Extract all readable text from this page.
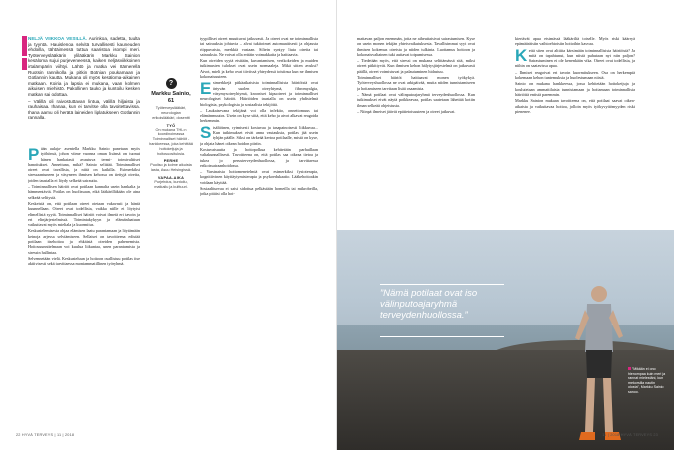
NELJÄ VIIKKOA VESILLÄ. Aurinkoa, sadetta, tuulta ja tyyntä. Hauislenoa selvitä turvallisesti kauneuden ehdoilla, tähtäimessä tuttua saaristoa isompi meri. Työterveyslääkärin ylilääkärin Markku Sainion kesäloma sujui purjeveneessä, kaiken neljäsviikkoinen irtalämpärin viihtyi. Lähtö ja matka vei Itämerellä Ruotsin rannikolla ja pitkin Botnian poukamaan ja Gotlannin kautta. Mukana oli myös kesäloma-aikainen matkaan. Koiria ja lapsia ei mukana, vaan kolmen aikuisen miehistö. Pakollinen tauko ja kuntoilu kesken matkan sai odottaa.

– Välillä oli raivostuttavan lintua, välillä hiljaista ja rauhaisaa. Ihanaa, kun ei tarvitse olla tavoitettavissa. Ihana aamu oli herätä laineiden liplatukseen Gotlannin rannalla.

P ään aulaja- asentella Markku Sainio panetaan myös työhönsä, johon viime vuonna oman lisänsä on tuonut hänen hankaiasti avautuva termi- toimivalttiset hanoitukset. Annettuna, mikä? Sainio selittää. Toiminnalliset oireet ovat tavallisia, ja niitä on kaikilla. Esimerkiksi stressaantuneen ja väsyneen ihmisen kehossa on tiettyjä oireita, joiden taustalla ei löydy selkeää sairautta.

– Toiminnallisen häiriöt ovat potilaan kannalta usein hankalia ja hämmentäviä. Potilas on huolissaan, eikä lääkärilläkään ole aina selkeää selitystä.

Keskeistä on, että potilaan oireet otetaan vakavasti ja häntä kuunnellaan. Oireet ovat todellisia, vaikka niille ei löytyisi elimellistä syytä. Toiminnalliset häiriöt voivat ilmetä eri tavoin ja eri elinjärjestelmissä. Toimintakykyyn ja elämänlaatuun vaikuttavat myös mieliala ja kuormitus.

Keskustelemisesta ohjaa elämisen laatu parantamaan ja löytämään keinoja arjessa selviämiseen. Sellaiset on tavoitteena edistää potilaan itsehoitoa ja ehkäistä oireiden pahenemista. Hoitosuunnitelmaan voi kuulua liikuntaa, unen parantamista ja stressin hallintaa.

Selvennetään vielä. Keskusteluun ja hoitoon osallistuu potilas itse aktiivisesti sekä tarvittaessa moniammatillinen työryhmä.

?
Markku Sainio, 61
Työterveyslääkäri, neurologian erikoislääkäri, dosentti
TYÖ
On mukana THL:n koordinoimassa Toiminnalliset häiriöt -hankkeessa, joka kehittää hoitoketjuja ja hoitosuosituksia.
PERHE
Puoliso ja kolme aikuista lasta, Asuu Helsingissä.
VAPAA-AIKA
Purjehdus, kuntoilu, matkailu ja kulttuuri.

tyypilliset oireet muuttuvat jatkuvasti. Ja oireet ovat ne toiminnallisia tai sairauksia johtuvia – alvat tukitoimet automaattisesti ja ohjausta riippuvaista, merkkiä vastaan. Siltein syntyy liuta oireita tai sairauksia. Ne voivat olla eritäin voimakkaita ja haittaavia.

Kun oireiden syytä etsitään, kuvantamisen, verikokeiden ja muiden tutkimusten tulokset ovat usein normaaleja. Mikä sitten avuksi? Aivot, mieli ja keho ovat tiiviissä yhteydessä toisiinsa kun ne ihmisen kokonaisuuteen.

E simerkkejä pitkäaikaisista toiminnallisista häiriöistä ovat ärtyvän suolen oireyhtymä, fibromyalgia, väsymysoireyhtymä, krooniset kipuoireet ja toiminnalliset neurologiset häiriöt. Häiriöiden taustalla on usein yhdistelmä biologisia, psykologisia ja sosiaalisia tekijöitä.

– Laukaisevana tekijänä voi olla infektio, onnettomuus tai elämänmuutos. Usein on kyse siitä, että keho ja aivot alkavat reagoida herkemmin.

S isältöinen, rytmisesti kostuvaa ja tasapainoisesti liikkuvaa... Kun tutkimukset eivät anna vastauksia, potilas jää usein tyhjän päälle. Siksi on tärkeää kertoa potilaalle, mistä on kyse, ja ohjata hänet oikean hoidon piiriin.

Kostuvaisuutta ja hoitopolkua kehitetään parhaillaan valtakunnallisesti. Tavoitteena on, että potilas saa oikeaa tietoa ja tukea jo perusterveydenhuollossa, ja tarvittaessa erikoissairaanhoidossa.

– Varsinaisia hoitomenetelmiä ovat esimerkiksi fysioterapia, kognitiivinen käyttäytymisterapia ja psykoedukaatio. Lääkehoitoakin voidaan käyttää.

Sosiaaliturvaa ei saisi sidottua pelkästään homeilla tai mikrobeilla, jotka pitäisi olla hoi-

22 HYVÄ TERVEYS | 11 | 2018

mattavan paljon enemmän, jotta ne aiheuttaisivat sairastumisen. Kyse on usein monen tekijän yhteisvaikutuksesta. Tavallisimmat syyt ovat ihmisen kokemus oireista ja niiden tulkinta. Luottamus hoitoon ja kokonaisvaltainen tuki auttavat toipumisessa.

– Tiedetään myös, että stressi on mukana selittämässä sitä, miksi oireet pitkittyvät. Kun ihmisen kehon hälytysjärjestelmä on jatkuvasti päällä, oireet voimistuvat ja palautuminen hidastuu.

Toiminnalliset häiriöt haittaavat monen työkykyä. Työterveyshuollossa ne ovat arkipäivää, mutta niiden tunnistamiseen ja hoitamiseen tarvitaan lisää osaamista.

– Nämä potilaat ovat välinputoajaryhmä terveydenhuollossa. Kun tutkimukset eivät näytä poikkeavaa, potilas saatetaan lähettää kotiin ilman selkeää ohjeistusta.

– Niinpä ilmeiset jäävät epätietoisuuteen ja oireet jatkuvat.

kiertävät apua etsimässä lääkäriltä toiselle. Myös riski käärryä epämääräisiin vaihtoehtoisiin hoitoihin kasvaa.

K että siten ovat alttiita kärsimään toiminnallisista häiriöistä? Ja mitä on tapahtunut, kun niistä puhutaan nyt niin paljon? Sairastuminen ei ole kenenkään vika. Oireet ovat todellisia, ja niihin on saatavissa apua.

– Ihmiset reagoivat eri tavoin kuormitukseen. Osa on herkempiä kokemaan kehon tuntemuksia ja huolestumaan niistä.

Sainio on mukana hankkeessa, jossa kehitetään hoitoketjuja ja koulutetaan ammattilaisia tunnistamaan ja hoitamaan toiminnallisia häiriöitä entistä paremmin.

Markku Sainion mukaan tavoitteena on, että potilaat saavat oikea-aikaista ja vaikuttavaa hoitoa, jolloin myös työkyvyttömyyden riski pienenee.

11 | 2018 HYVÄ TERVEYS 23
”Nämä potilaat ovat iso välinputoajaryhmä terveydenhuollossa.”
”Mikään ei ono hienompaa kuin meri ja rannat mielestäni, kun mekorsilla nautin olosta”, Markku Sainio sanoo.
